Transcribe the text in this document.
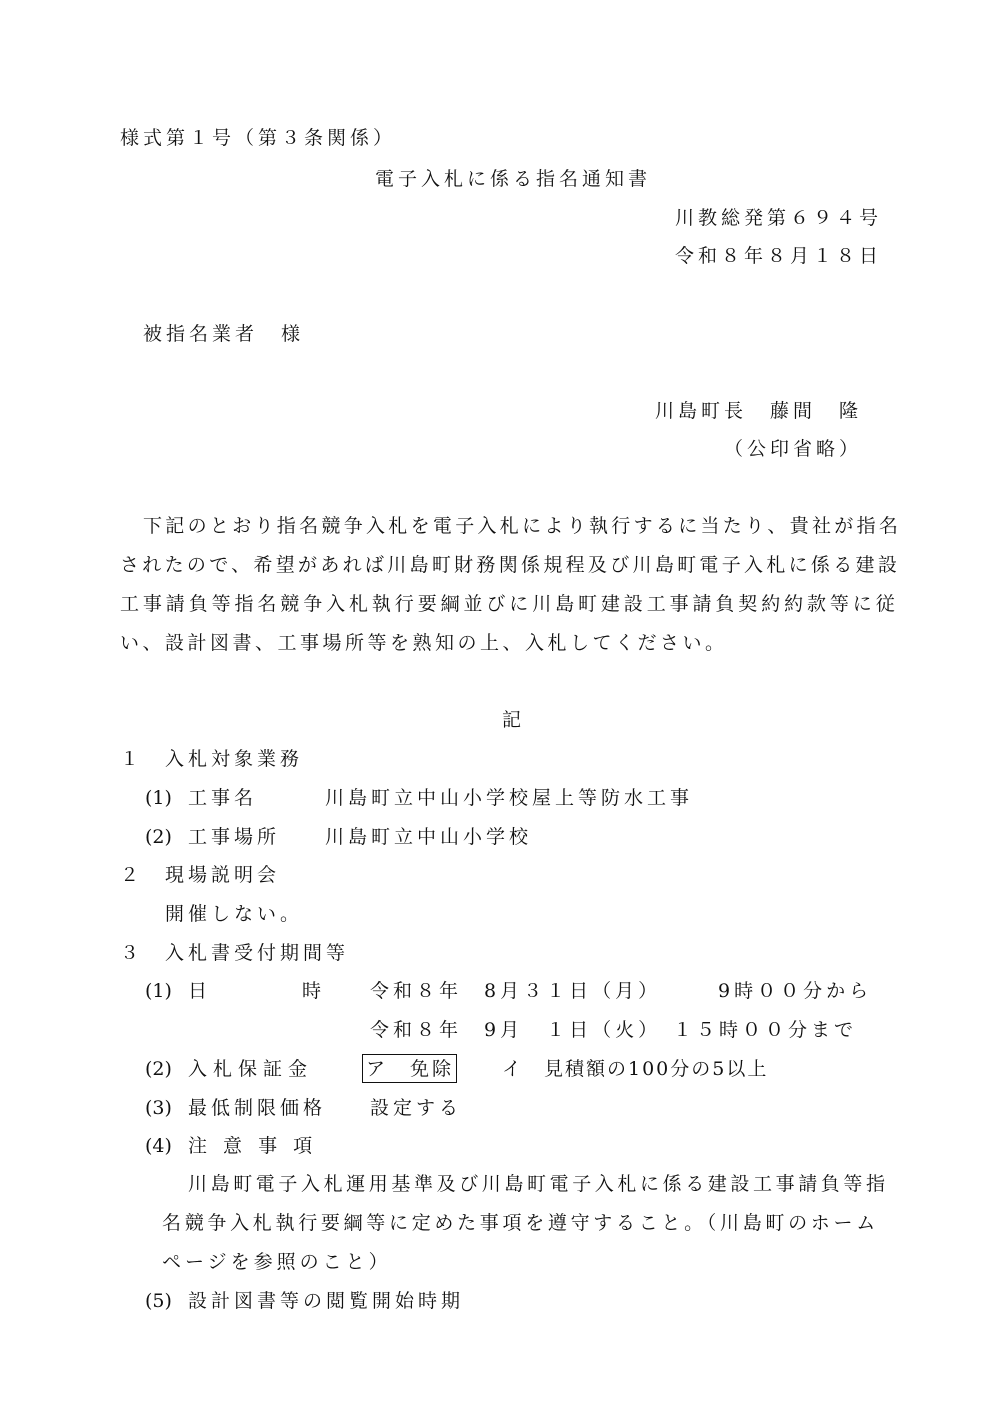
様式第１号（第３条関係）
電子入札に係る指名通知書
川教総発第６９４号
令和８年８月１８日
被指名業者　様
川島町長　藤間　隆
（公印省略）
下記のとおり指名競争入札を電子入札により執行するに当たり、貴社が指名
されたので、希望があれば川島町財務関係規程及び川島町電子入札に係る建設
工事請負等指名競争入札執行要綱並びに川島町建設工事請負契約約款等に従
い、設計図書、工事場所等を熟知の上、入札してください。
記
１ 入札対象業務
(1) 工事名	川島町立中山小学校屋上等防水工事
(2) 工事場所 川島町立中山小学校
２ 現場説明会
開催しない。
３ 入札書受付期間等
(1) 日	時 令和８年 8月３１日（月）	9時００分から
令和８年 9月　１日（火） １５時００分まで
(2) 入札保証金	ア　免除	イ　見積額の100分の5以上
(3) 最低制限価格 設定する
(4) 注 意 事 項
川島町電子入札運用基準及び川島町電子入札に係る建設工事請負等指
名競争入札執行要綱等に定めた事項を遵守すること。（川島町のホーム
ページを参照のこと）
(5) 設計図書等の閲覧開始時期
